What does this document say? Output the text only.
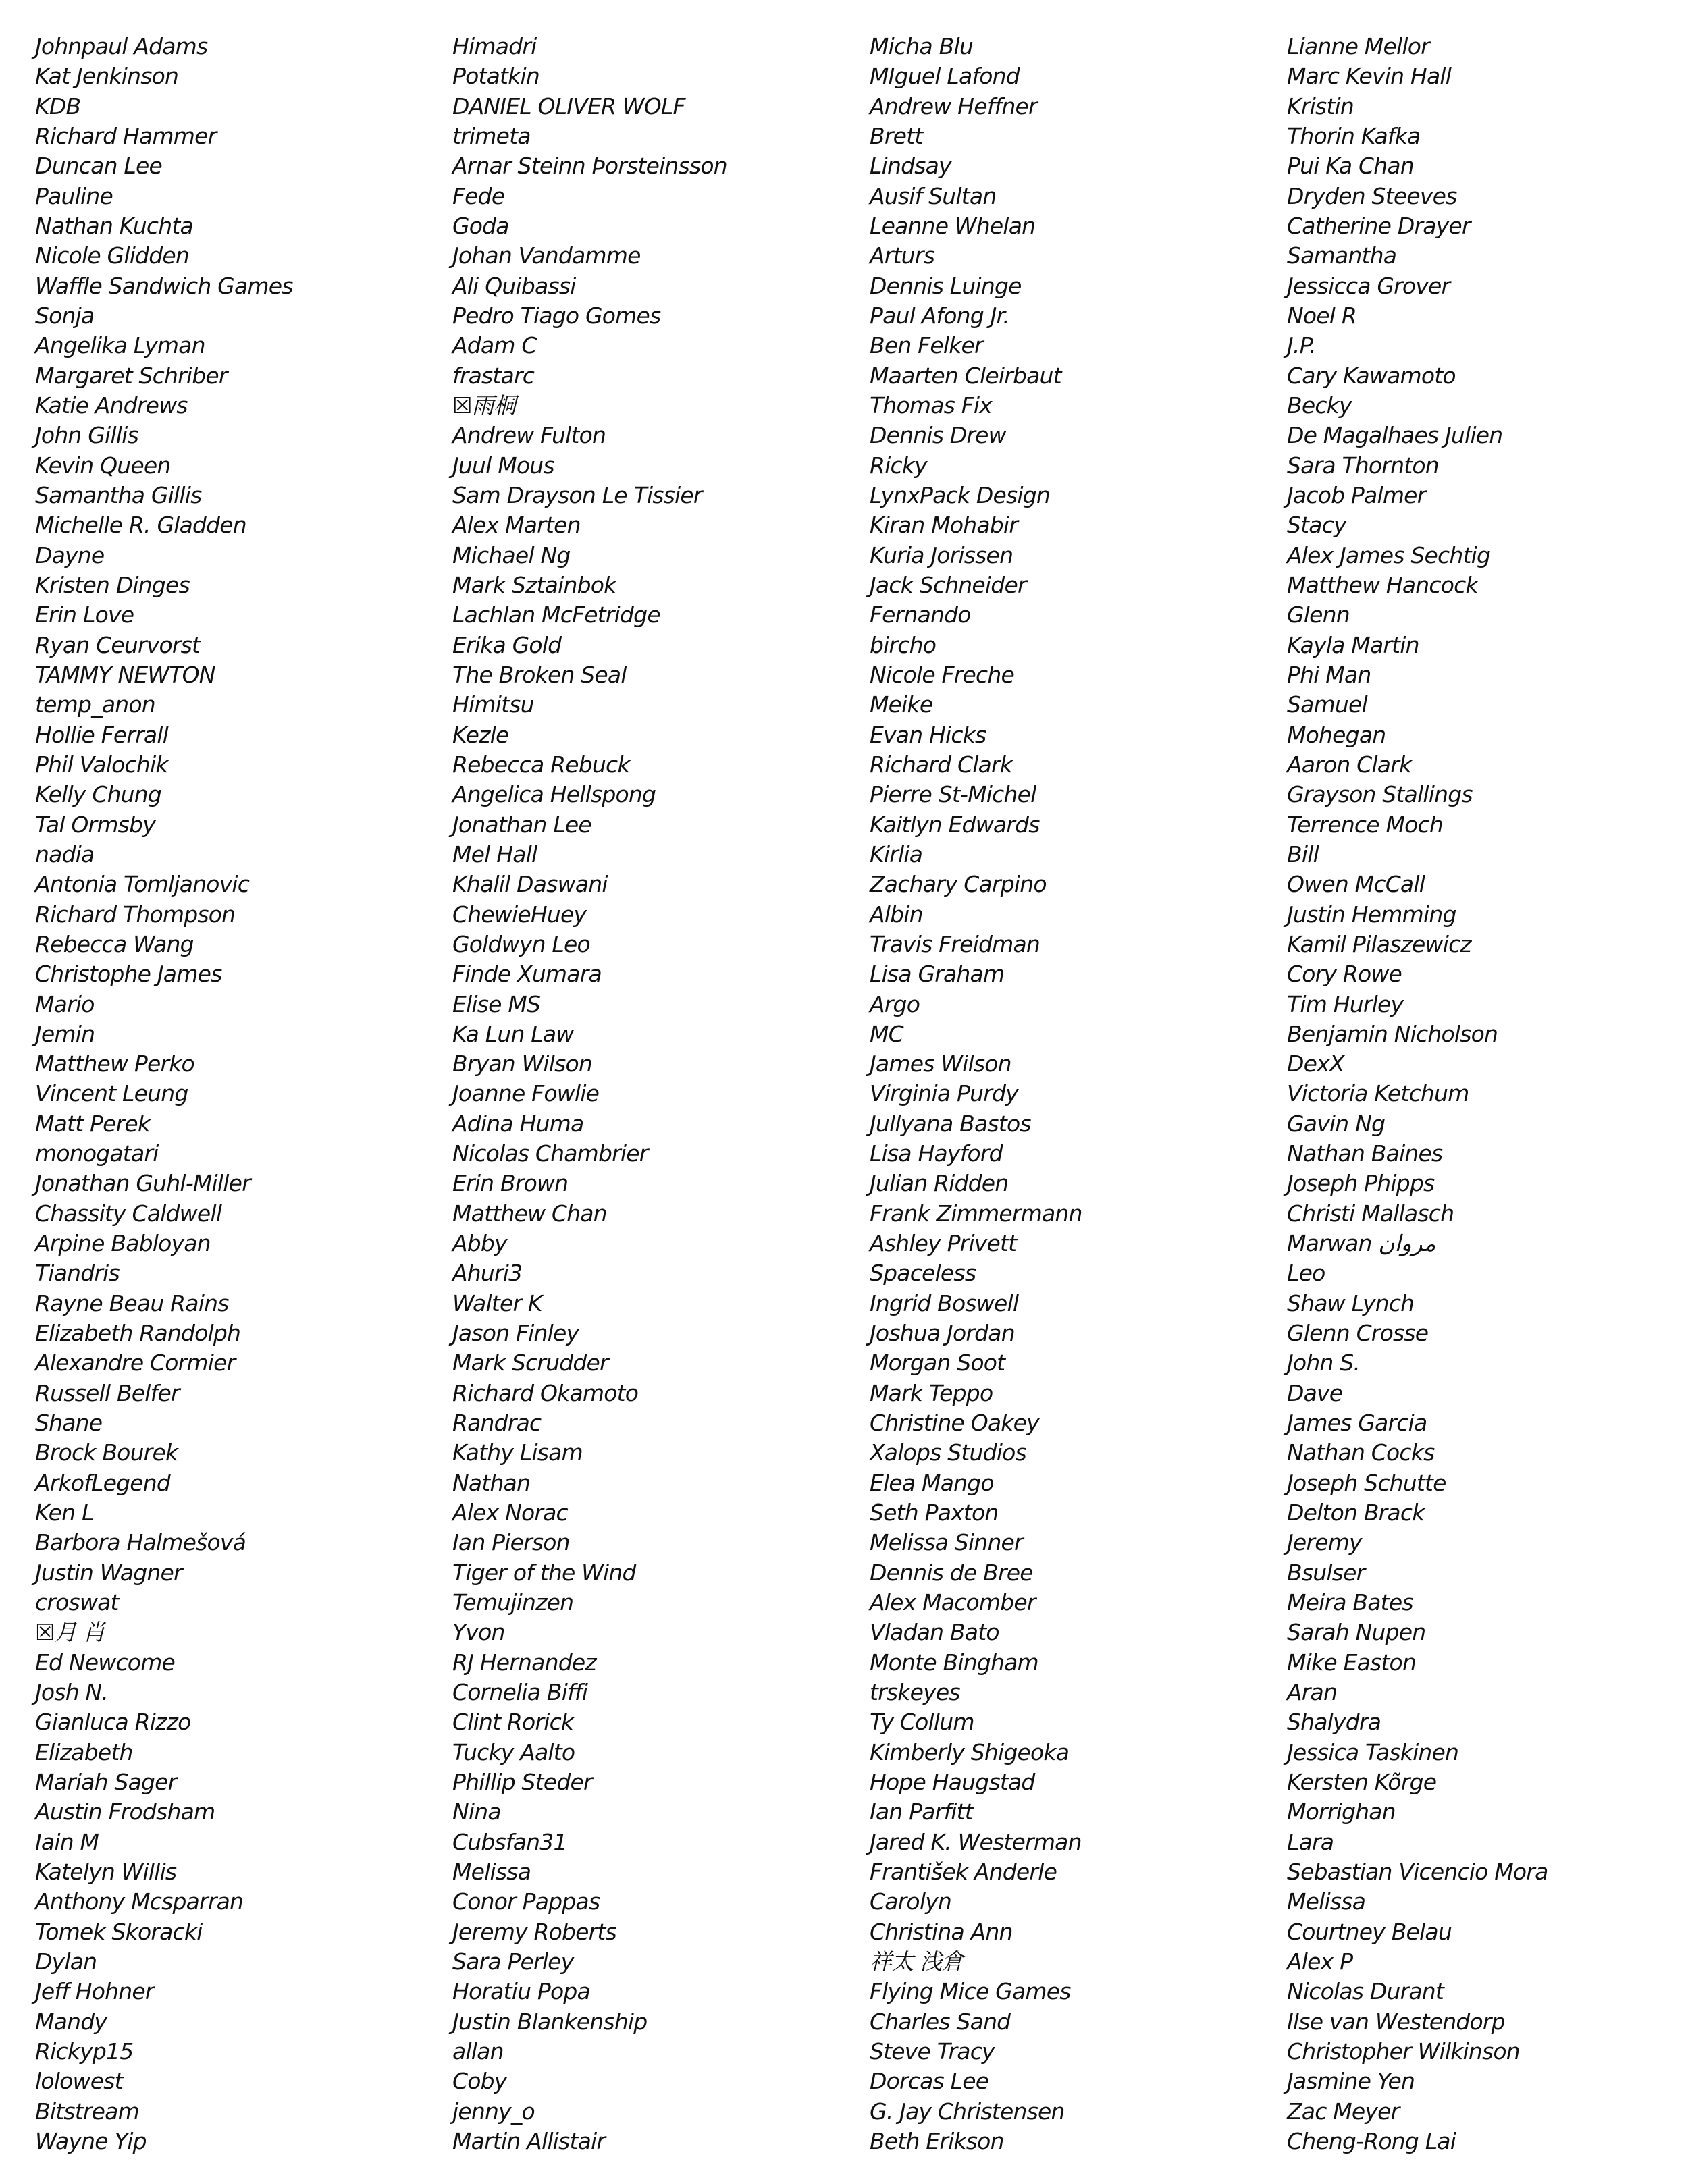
Johnpaul Adams
Kat Jenkinson
KDB
Richard Hammer
Duncan Lee
Pauline
Nathan Kuchta
Nicole Glidden
Waffle Sandwich Games
Sonja
Angelika Lyman
Margaret Schriber
Katie Andrews
John Gillis
Kevin Queen
Samantha Gillis
Michelle R. Gladden
Dayne
Kristen Dinges
Erin Love
Ryan Ceurvorst
TAMMY NEWTON
temp_anon
Hollie Ferrall
Phil Valochik
Kelly Chung
Tal Ormsby
nadia
Antonia Tomljanovic
Richard Thompson
Rebecca Wang
Christophe James
Mario
Jemin
Matthew Perko
Vincent Leung
Matt Perek
monogatari
Jonathan Guhl-Miller
Chassity Caldwell
Arpine Babloyan
Tiandris
Rayne Beau Rains
Elizabeth Randolph
Alexandre Cormier
Russell Belfer
Shane
Brock Bourek
ArkofLegend
Ken L
Barbora Halmešová
Justin Wagner
croswat
☒月 肖
Ed Newcome
Josh N.
Gianluca Rizzo
Elizabeth
Mariah Sager
Austin Frodsham
Iain M
Katelyn Willis
Anthony Mcsparran
Tomek Skoracki
Dylan
Jeff Hohner
Mandy
Rickyp15
lolowest
Bitstream
Wayne Yip
Himadri
Potatkin
DANIEL OLIVER WOLF
trimeta
Arnar Steinn Þorsteinsson
Fede
Goda
Johan Vandamme
Ali Quibassi
Pedro Tiago Gomes
Adam C
frastarc
☒雨桐
Andrew Fulton
Juul Mous
Sam Drayson Le Tissier
Alex Marten
Michael Ng
Mark Sztainbok
Lachlan McFetridge
Erika Gold
The Broken Seal
Himitsu
Kezle
Rebecca Rebuck
Angelica Hellspong
Jonathan Lee
Mel Hall
Khalil Daswani
ChewieHuey
Goldwyn Leo
Finde Xumara
Elise MS
Ka Lun Law
Bryan Wilson
Joanne Fowlie
Adina Huma
Nicolas Chambrier
Erin Brown
Matthew Chan
Abby
Ahuri3
Walter K
Jason Finley
Mark Scrudder
Richard Okamoto
Randrac
Kathy Lisam
Nathan
Alex Norac
Ian Pierson
Tiger of the Wind
Temujinzen
Yvon
RJ Hernandez
Cornelia Biffi
Clint Rorick
Tucky Aalto
Phillip Steder
Nina
Cubsfan31
Melissa
Conor Pappas
Jeremy Roberts
Sara Perley
Horatiu Popa
Justin Blankenship
allan
Coby
jenny_o
Martin Allistair
Micha Blu
MIguel Lafond
Andrew Heffner
Brett
Lindsay
Ausif Sultan
Leanne Whelan
Arturs
Dennis Luinge
Paul Afong Jr.
Ben Felker
Maarten Cleirbaut
Thomas Fix
Dennis Drew
Ricky
LynxPack Design
Kiran Mohabir
Kuria Jorissen
Jack Schneider
Fernando
bircho
Nicole Freche
Meike
Evan Hicks
Richard Clark
Pierre St-Michel
Kaitlyn Edwards
Kirlia
Zachary Carpino
Albin
Travis Freidman
Lisa Graham
Argo
MC
James Wilson
Virginia Purdy
Jullyana Bastos
Lisa Hayford
Julian Ridden
Frank Zimmermann
Ashley Privett
Spaceless
Ingrid Boswell
Joshua Jordan
Morgan Soot
Mark Teppo
Christine Oakey
Xalops Studios
Elea Mango
Seth Paxton
Melissa Sinner
Dennis de Bree
Alex Macomber
Vladan Bato
Monte Bingham
trskeyes
Ty Collum
Kimberly Shigeoka
Hope Haugstad
Ian Parfitt
Jared K. Westerman
František Anderle
Carolyn
Christina Ann
祥太 浅倉
Flying Mice Games
Charles Sand
Steve Tracy
Dorcas Lee
G. Jay Christensen
Beth Erikson
Lianne Mellor
Marc Kevin Hall
Kristin
Thorin Kafka
Pui Ka Chan
Dryden Steeves
Catherine Drayer
Samantha
Jessicca Grover
Noel R
J.P.
Cary Kawamoto
Becky
De Magalhaes Julien
Sara Thornton
Jacob Palmer
Stacy
Alex James Sechtig
Matthew Hancock
Glenn
Kayla Martin
Phi Man
Samuel
Mohegan
Aaron Clark
Grayson Stallings
Terrence Moch
Bill
Owen McCall
Justin Hemming
Kamil Pilaszewicz
Cory Rowe
Tim Hurley
Benjamin Nicholson
DexX
Victoria Ketchum
Gavin Ng
Nathan Baines
Joseph Phipps
Christi Mallasch
Marwan مروان
Leo
Shaw Lynch
Glenn Crosse
John S.
Dave
James Garcia
Nathan Cocks
Joseph Schutte
Delton Brack
Jeremy
Bsulser
Meira Bates
Sarah Nupen
Mike Easton
Aran
Shalydra
Jessica Taskinen
Kersten Kõrge
Morrighan
Lara
Sebastian Vicencio Mora
Melissa
Courtney Belau
Alex P
Nicolas Durant
Ilse van Westendorp
Christopher Wilkinson
Jasmine Yen
Zac Meyer
Cheng-Rong Lai
